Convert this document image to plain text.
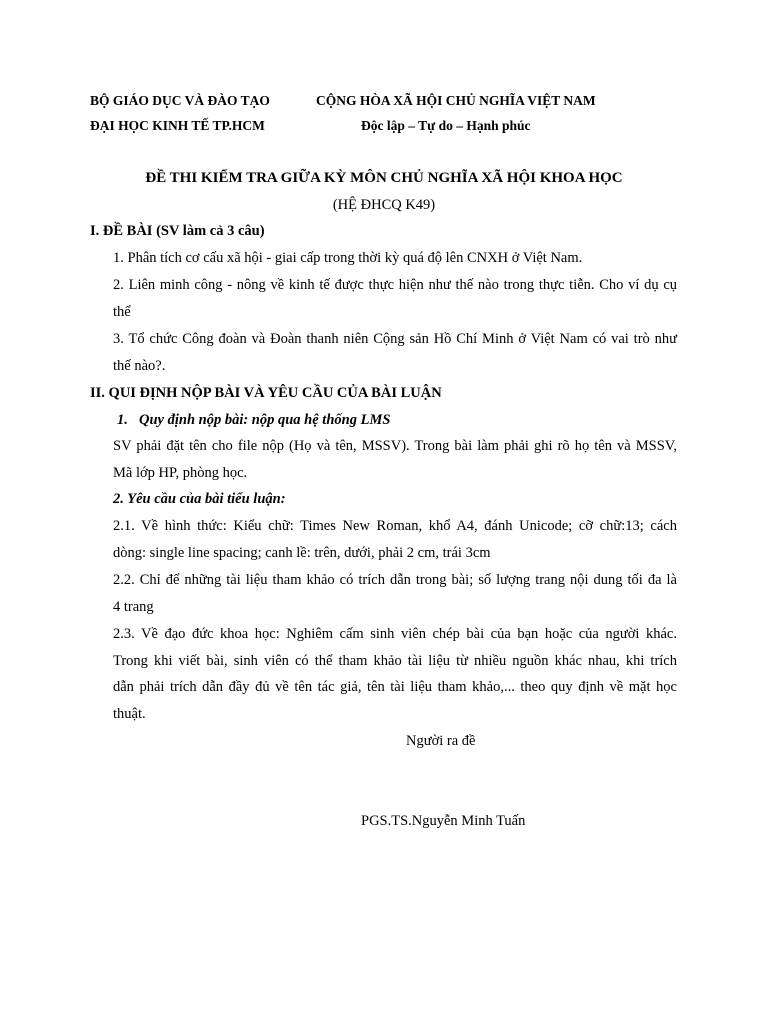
BỘ GIÁO DỤC VÀ ĐÀO TẠO	CỘNG HÒA XÃ HỘI CHỦ NGHĨA VIỆT NAM
ĐẠI HỌC KINH TẾ TP.HCM	Độc lập – Tự do – Hạnh phúc
ĐỀ THI KIỂM TRA GIỮA KỲ MÔN CHỦ NGHĨA XÃ HỘI KHOA HỌC
(HỆ ĐHCQ K49)
I. ĐỀ BÀI (SV làm cả 3 câu)
1. Phân tích cơ cấu xã hội - giai cấp trong thời kỳ quá độ lên CNXH ở Việt Nam.
2. Liên minh công - nông về kinh tế được thực hiện như thế nào trong thực tiễn. Cho ví dụ cụ
thể
3. Tổ chức Công đoàn và Đoàn thanh niên Cộng sản Hồ Chí Minh ở Việt Nam có vai trò như
thế nào?.
II. QUI ĐỊNH NỘP BÀI VÀ YÊU CẦU CỦA BÀI LUẬN
1. Quy định nộp bài: nộp qua hệ thống LMS
SV phải đặt tên cho file nộp (Họ và tên, MSSV). Trong bài làm phải ghi rõ họ tên và MSSV,
Mã lớp HP, phòng học.
2. Yêu cầu của bài tiểu luận:
2.1. Về hình thức: Kiểu chữ: Times New Roman, khổ A4, đánh Unicode; cỡ chữ:13; cách
dòng: single line spacing; canh lề: trên, dưới, phải 2 cm, trái 3cm
2.2. Chỉ để những tài liệu tham khảo có trích dẫn trong bài; số lượng trang nội dung tối đa là
4 trang
2.3. Về đạo đức khoa học: Nghiêm cấm sinh viên chép bài của bạn hoặc của người khác.
Trong khi viết bài, sinh viên có thể tham khảo tài liệu từ nhiều nguồn khác nhau, khi trích
dẫn phải trích dẫn đầy đủ về tên tác giả, tên tài liệu tham khảo,... theo quy định về mặt học
thuật.
Người ra đề
PGS.TS.Nguyễn Minh Tuấn
